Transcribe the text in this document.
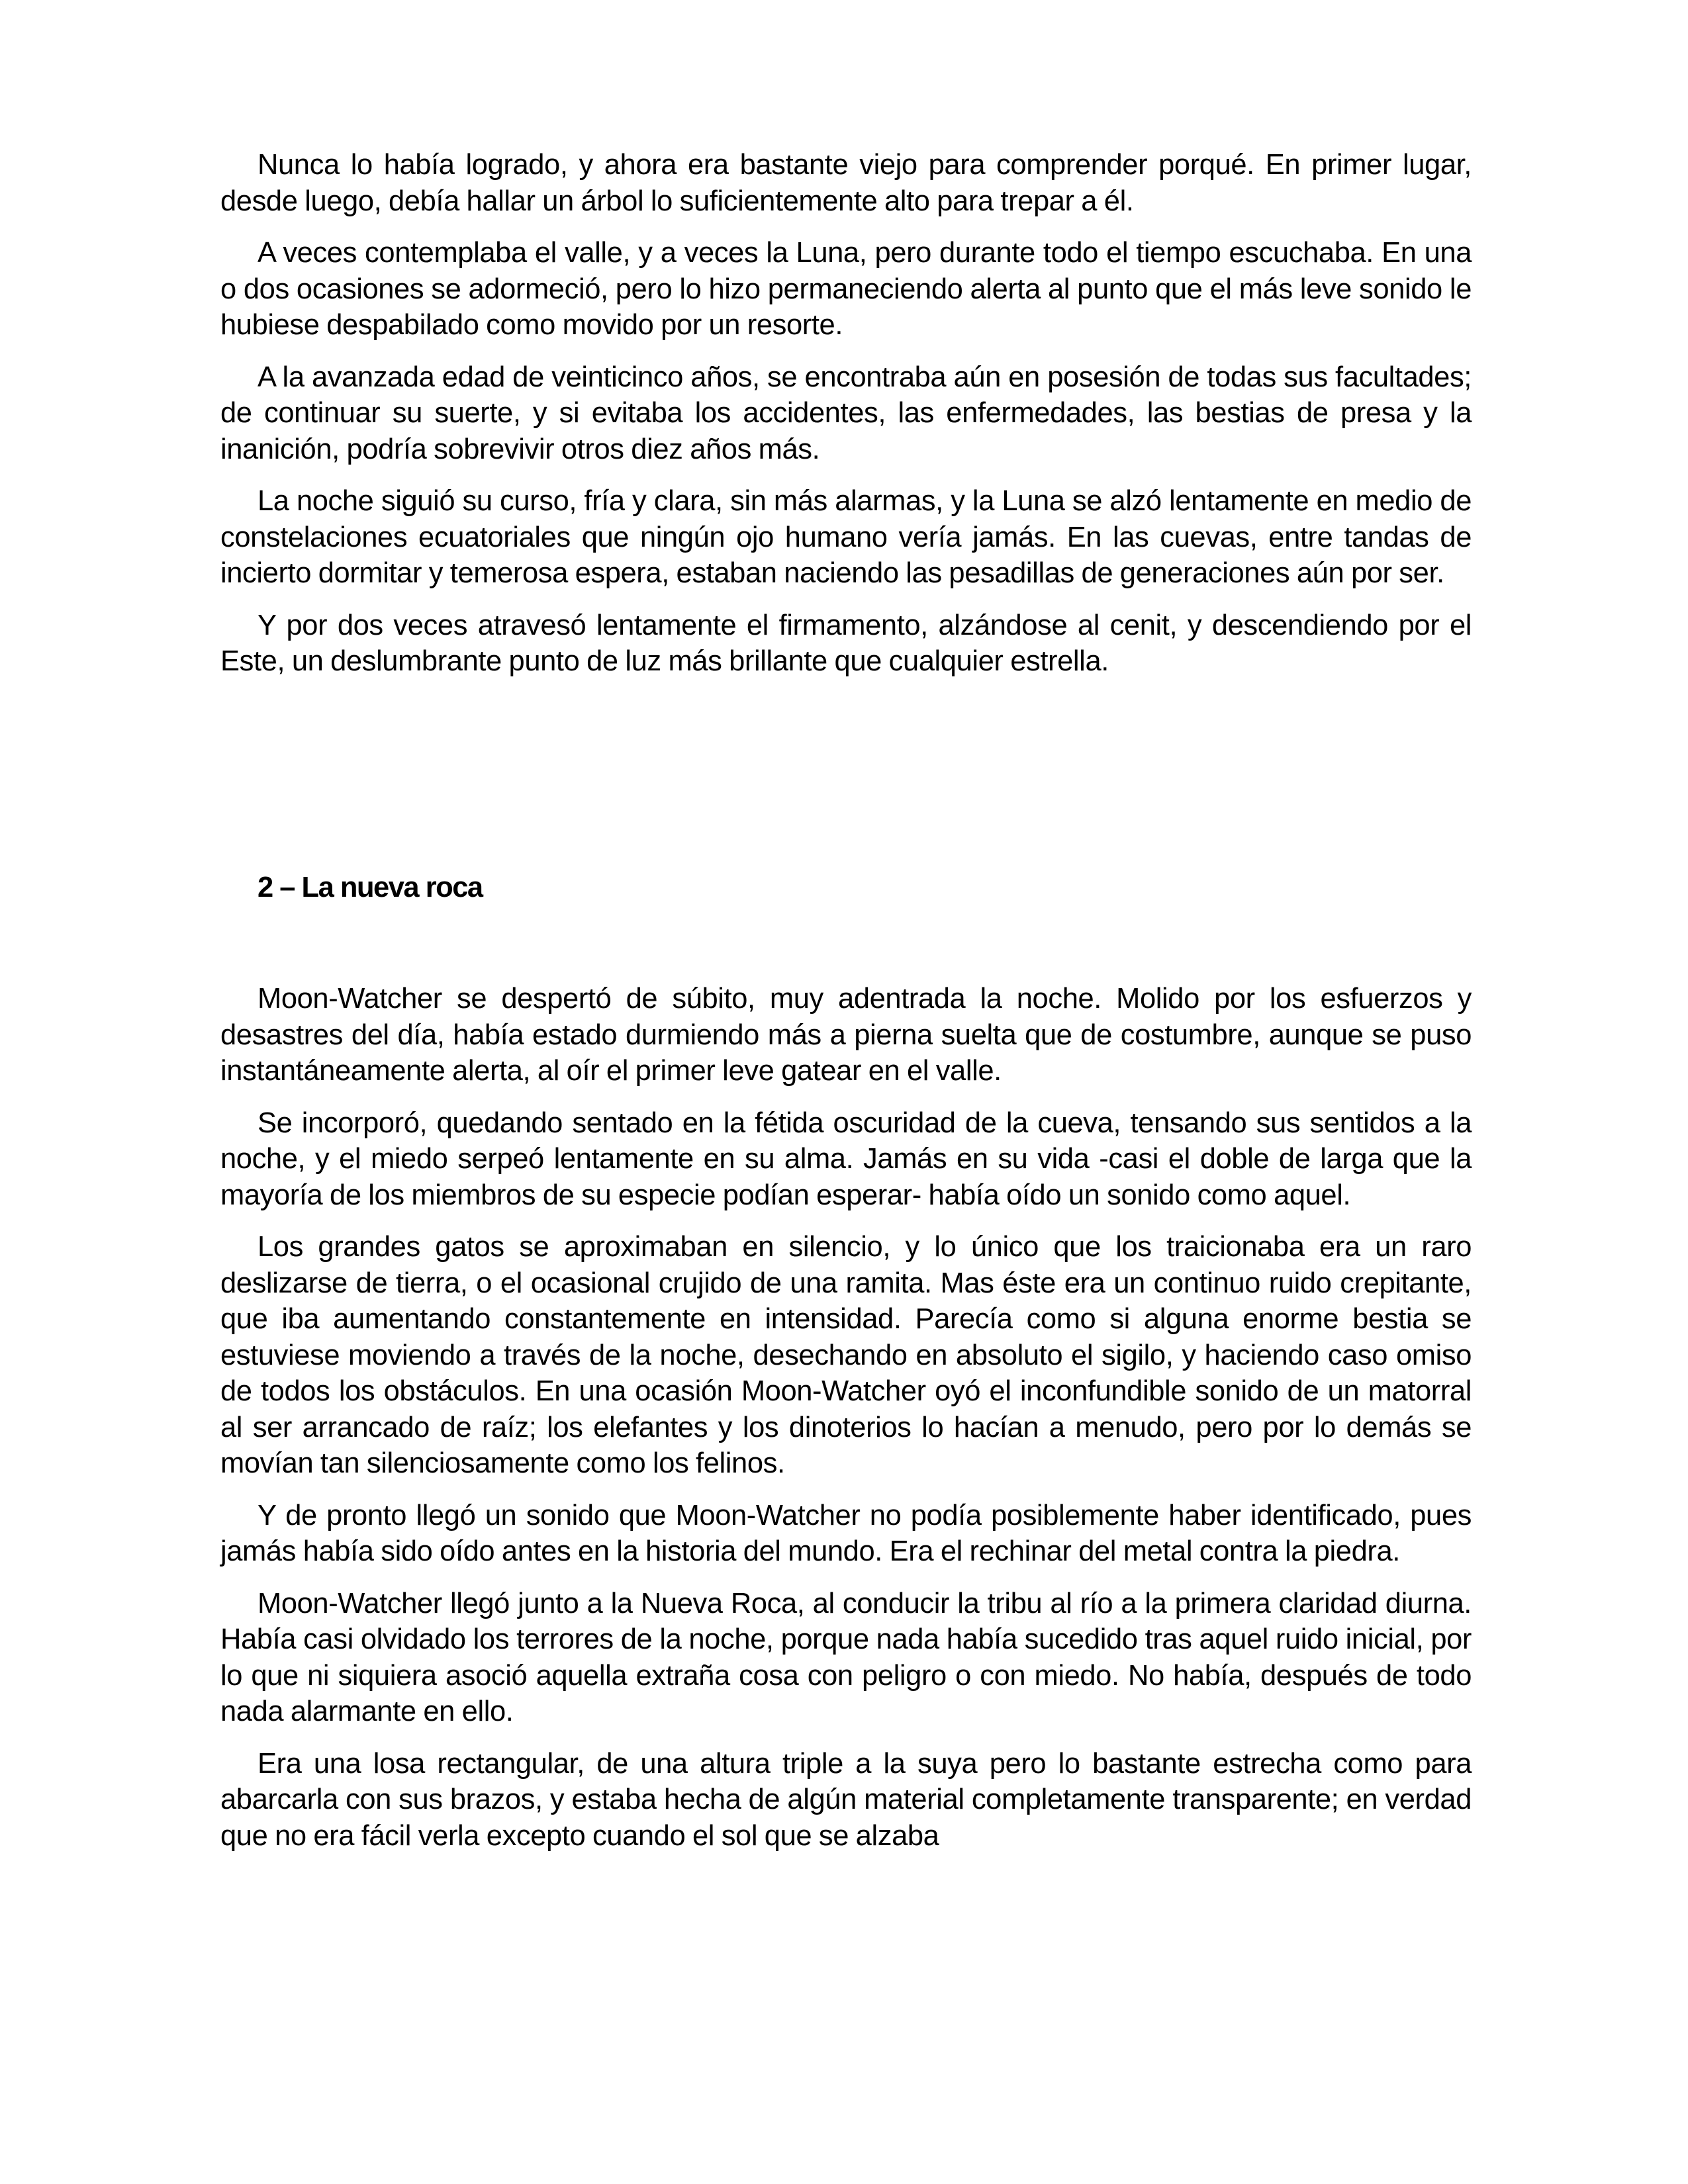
Nunca lo había logrado, y ahora era bastante viejo para comprender porqué. En primer lugar, desde luego, debía hallar un árbol lo suficientemente alto para trepar a él.

A veces contemplaba el valle, y a veces la Luna, pero durante todo el tiempo escuchaba. En una o dos ocasiones se adormeció, pero lo hizo permaneciendo alerta al punto que el más leve sonido le hubiese despabilado como movido por un resorte.

A la avanzada edad de veinticinco años, se encontraba aún en posesión de todas sus facultades; de continuar su suerte, y si evitaba los accidentes, las enfermedades, las bestias de presa y la inanición, podría sobrevivir otros diez años más.

La noche siguió su curso, fría y clara, sin más alarmas, y la Luna se alzó lentamente en medio de constelaciones ecuatoriales que ningún ojo humano vería jamás. En las cuevas, entre tandas de incierto dormitar y temerosa espera, estaban naciendo las pesadillas de generaciones aún por ser.

Y por dos veces atravesó lentamente el firmamento, alzándose al cenit, y descendiendo por el Este, un deslumbrante punto de luz más brillante que cualquier estrella.

2 – La nueva roca

Moon-Watcher se despertó de súbito, muy adentrada la noche. Molido por los esfuerzos y desastres del día, había estado durmiendo más a pierna suelta que de costumbre, aunque se puso instantáneamente alerta, al oír el primer leve gatear en el valle.

Se incorporó, quedando sentado en la fétida oscuridad de la cueva, tensando sus sentidos a la noche, y el miedo serpeó lentamente en su alma. Jamás en su vida -casi el doble de larga que la mayoría de los miembros de su especie podían esperar- había oído un sonido como aquel.

Los grandes gatos se aproximaban en silencio, y lo único que los traicionaba era un raro deslizarse de tierra, o el ocasional crujido de una ramita. Mas éste era un continuo ruido crepitante, que iba aumentando constantemente en intensidad. Parecía como si alguna enorme bestia se estuviese moviendo a través de la noche, desechando en absoluto el sigilo, y haciendo caso omiso de todos los obstáculos. En una ocasión Moon-Watcher oyó el inconfundible sonido de un matorral al ser arrancado de raíz; los elefantes y los dinoterios lo hacían a menudo, pero por lo demás se movían tan silenciosamente como los felinos.

Y de pronto llegó un sonido que Moon-Watcher no podía posiblemente haber identificado, pues jamás había sido oído antes en la historia del mundo. Era el rechinar del metal contra la piedra.

Moon-Watcher llegó junto a la Nueva Roca, al conducir la tribu al río a la primera claridad diurna. Había casi olvidado los terrores de la noche, porque nada había sucedido tras aquel ruido inicial, por lo que ni siquiera asoció aquella extraña cosa con peligro o con miedo. No había, después de todo nada alarmante en ello.

Era una losa rectangular, de una altura triple a la suya pero lo bastante estrecha como para abarcarla con sus brazos, y estaba hecha de algún material completamente transparente; en verdad que no era fácil verla excepto cuando el sol que se alzaba
